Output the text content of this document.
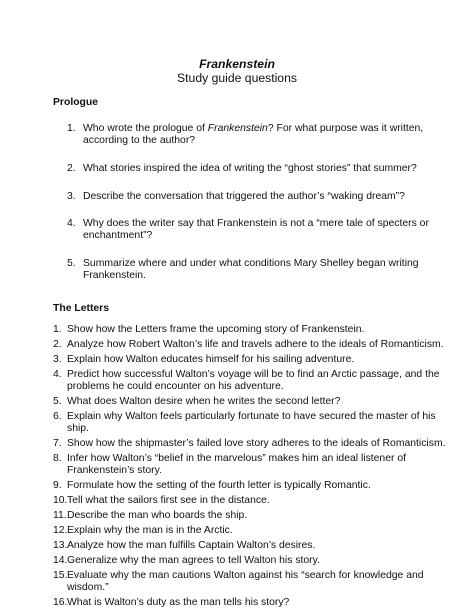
Frankenstein
Study guide questions
Prologue
1. Who wrote the prologue of Frankenstein? For what purpose was it written,
according to the author?
2. What stories inspired the idea of writing the “ghost stories” that summer?
3. Describe the conversation that triggered the author’s “waking dream”?
4. Why does the writer say that Frankenstein is not a “mere tale of specters or
enchantment”?
5. Summarize where and under what conditions Mary Shelley began writing
Frankenstein.
The Letters
1. Show how the Letters frame the upcoming story of Frankenstein.
2. Analyze how Robert Walton’s life and travels adhere to the ideals of Romanticism.
3. Explain how Walton educates himself for his sailing adventure.
4. Predict how successful Walton’s voyage will be to find an Arctic passage, and the
problems he could encounter on his adventure.
5. What does Walton desire when he writes the second letter?
6. Explain why Walton feels particularly fortunate to have secured the master of his
ship.
7. Show how the shipmaster’s failed love story adheres to the ideals of Romanticism.
8. Infer how Walton’s “belief in the marvelous” makes him an ideal listener of
Frankenstein’s story.
9. Formulate how the setting of the fourth letter is typically Romantic.
10. Tell what the sailors first see in the distance.
11. Describe the man who boards the ship.
12. Explain why the man is in the Arctic.
13. Analyze how the man fulfills Captain Walton’s desires.
14. Generalize why the man agrees to tell Walton his story.
15. Evaluate why the man cautions Walton against his “search for knowledge and
wisdom.”
16. What is Walton’s duty as the man tells his story?
